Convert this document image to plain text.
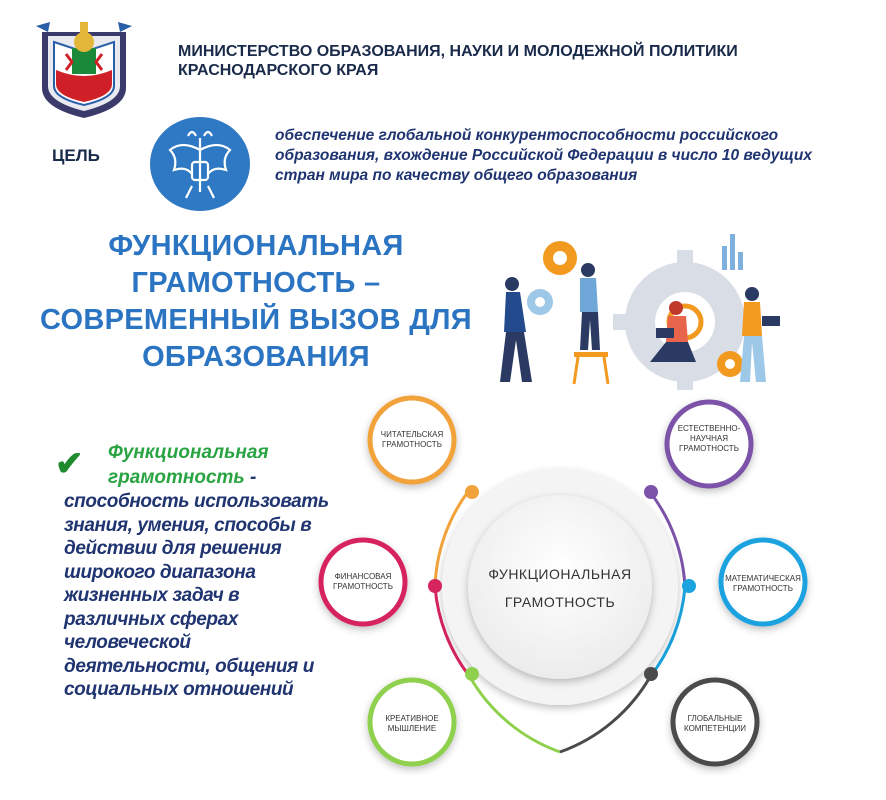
МИНИСТЕРСТВО ОБРАЗОВАНИЯ, НАУКИ И МОЛОДЕЖНОЙ ПОЛИТИКИ КРАСНОДАРСКОГО КРАЯ
ЦЕЛЬ
обеспечение глобальной конкурентоспособности российского образования, вхождение Российской Федерации в число 10 ведущих стран мира по качеству общего образования
ФУНКЦИОНАЛЬНАЯ ГРАМОТНОСТЬ – СОВРЕМЕННЫЙ ВЫЗОВ ДЛЯ ОБРАЗОВАНИЯ
✔ Функциональная грамотность -
способность использовать знания, умения, способы в действии для решения широкого диапазона жизненных задач в различных сферах человеческой деятельности, общения и социальных отношений
ФУНКЦИОНАЛЬНАЯ
ГРАМОТНОСТЬ
ЧИТАТЕЛЬСКАЯ ГРАМОТНОСТЬ
ЕСТЕСТВЕННО-НАУЧНАЯ ГРАМОТНОСТЬ
ФИНАНСОВАЯ ГРАМОТНОСТЬ
МАТЕМАТИЧЕСКАЯ ГРАМОТНОСТЬ
КРЕАТИВНОЕ МЫШЛЕНИЕ
ГЛОБАЛЬНЫЕ КОМПЕТЕНЦИИ
